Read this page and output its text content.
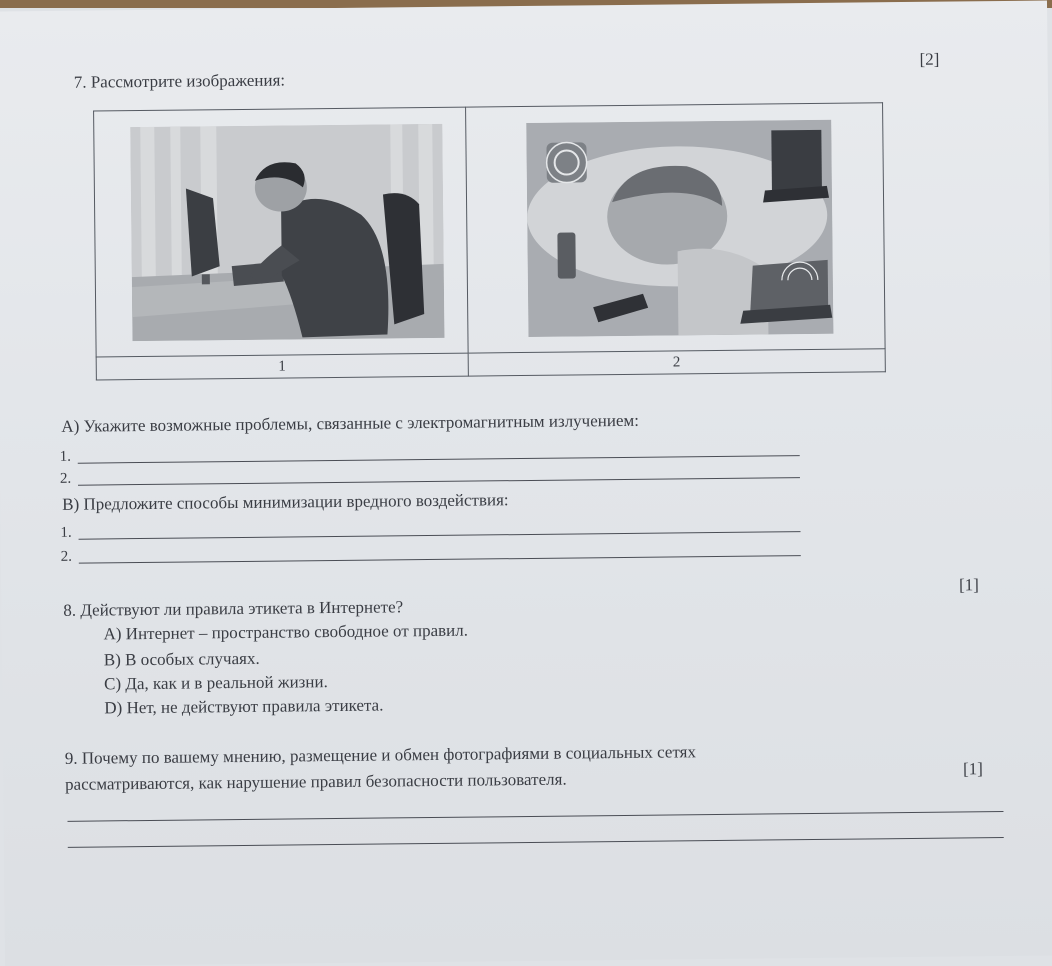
7. Рассмотрите изображения:
[2]

1	2
А) Укажите возможные проблемы, связанные с электромагнитным излучением:
1.
2.
В) Предложите способы минимизации вредного воздействия:
1.
2.
8. Действуют ли правила этикета в Интернете?
[1]
А) Интернет – пространство свободное от правил.
В) В особых случаях.
С) Да, как и в реальной жизни.
D) Нет, не действуют правила этикета.
9. Почему по вашему мнению, размещение и обмен фотографиями в социальных сетях
рассматриваются, как нарушение правил безопасности пользователя.
[1]
